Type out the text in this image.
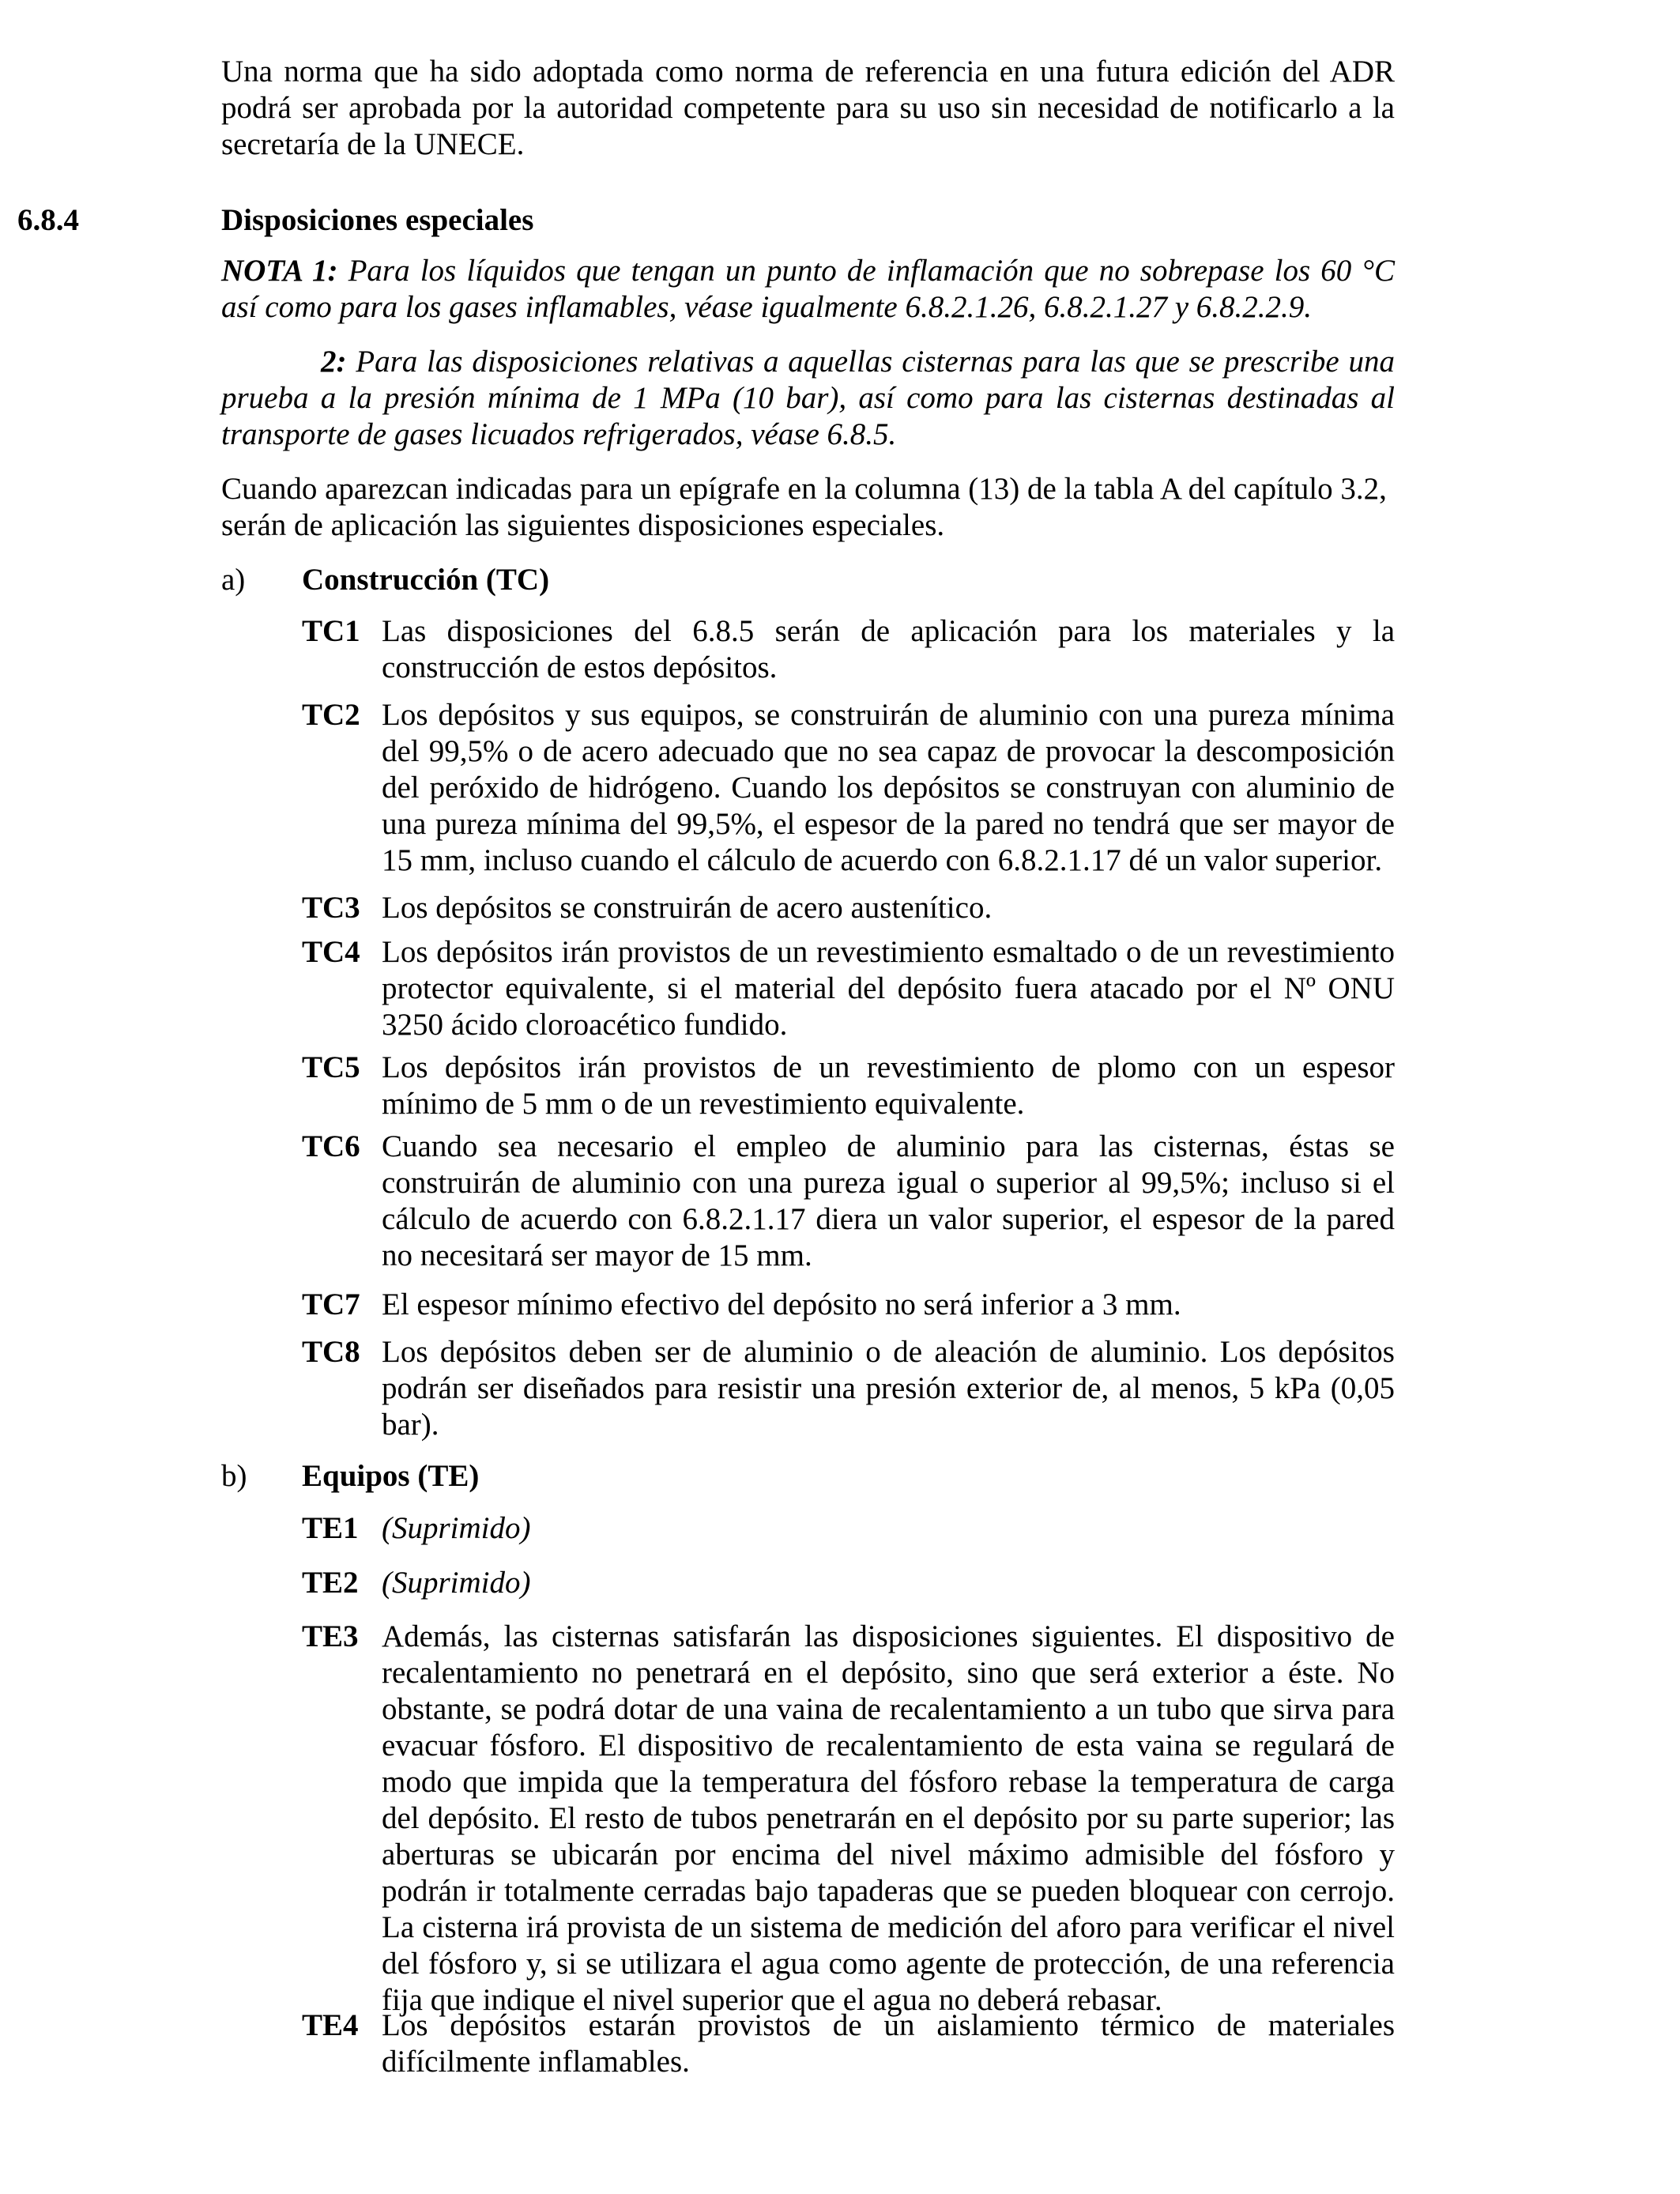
Una norma que ha sido adoptada como norma de referencia en una futura edición del ADR podrá ser aprobada por la autoridad competente para su uso sin necesidad de notificarlo a la secretaría de la UNECE.

6.8.4	Disposiciones especiales

NOTA 1: Para los líquidos que tengan un punto de inflamación que no sobrepase los 60 °C así como para los gases inflamables, véase igualmente 6.8.2.1.26, 6.8.2.1.27 y 6.8.2.2.9.

2: Para las disposiciones relativas a aquellas cisternas para las que se prescribe una prueba a la presión mínima de 1 MPa (10 bar), así como para las cisternas destinadas al transporte de gases licuados refrigerados, véase 6.8.5.

Cuando aparezcan indicadas para un epígrafe en la columna (13) de la tabla A del capítulo 3.2, serán de aplicación las siguientes disposiciones especiales.

a) Construcción (TC)
TC1 Las disposiciones del 6.8.5 serán de aplicación para los materiales y la construcción de estos depósitos.

TC2 Los depósitos y sus equipos, se construirán de aluminio con una pureza mínima del 99,5% o de acero adecuado que no sea capaz de provocar la descomposición del peróxido de hidrógeno. Cuando los depósitos se construyan con aluminio de una pureza mínima del 99,5%, el espesor de la pared no tendrá que ser mayor de 15 mm, incluso cuando el cálculo de acuerdo con 6.8.2.1.17 dé un valor superior.

TC3 Los depósitos se construirán de acero austenítico.

TC4 Los depósitos irán provistos de un revestimiento esmaltado o de un revestimiento protector equivalente, si el material del depósito fuera atacado por el Nº ONU 3250 ácido cloroacético fundido.

TC5 Los depósitos irán provistos de un revestimiento de plomo con un espesor mínimo de 5 mm o de un revestimiento equivalente.

TC6 Cuando sea necesario el empleo de aluminio para las cisternas, éstas se construirán de aluminio con una pureza igual o superior al 99,5%; incluso si el cálculo de acuerdo con 6.8.2.1.17 diera un valor superior, el espesor de la pared no necesitará ser mayor de 15 mm.

TC7 El espesor mínimo efectivo del depósito no será inferior a 3 mm.

TC8 Los depósitos deben ser de aluminio o de aleación de aluminio. Los depósitos podrán ser diseñados para resistir una presión exterior de, al menos, 5 kPa (0,05 bar).

b) Equipos (TE)
TE1 (Suprimido)

TE2 (Suprimido)

TE3 Además, las cisternas satisfarán las disposiciones siguientes. El dispositivo de recalentamiento no penetrará en el depósito, sino que será exterior a éste. No obstante, se podrá dotar de una vaina de recalentamiento a un tubo que sirva para evacuar fósforo. El dispositivo de recalentamiento de esta vaina se regulará de modo que impida que la temperatura del fósforo rebase la temperatura de carga del depósito. El resto de tubos penetrarán en el depósito por su parte superior; las aberturas se ubicarán por encima del nivel máximo admisible del fósforo y podrán ir totalmente cerradas bajo tapaderas que se pueden bloquear con cerrojo. La cisterna irá provista de un sistema de medición del aforo para verificar el nivel del fósforo y, si se utilizara el agua como agente de protección, de una referencia fija que indique el nivel superior que el agua no deberá rebasar.

TE4 Los depósitos estarán provistos de un aislamiento térmico de materiales difícilmente inflamables.
